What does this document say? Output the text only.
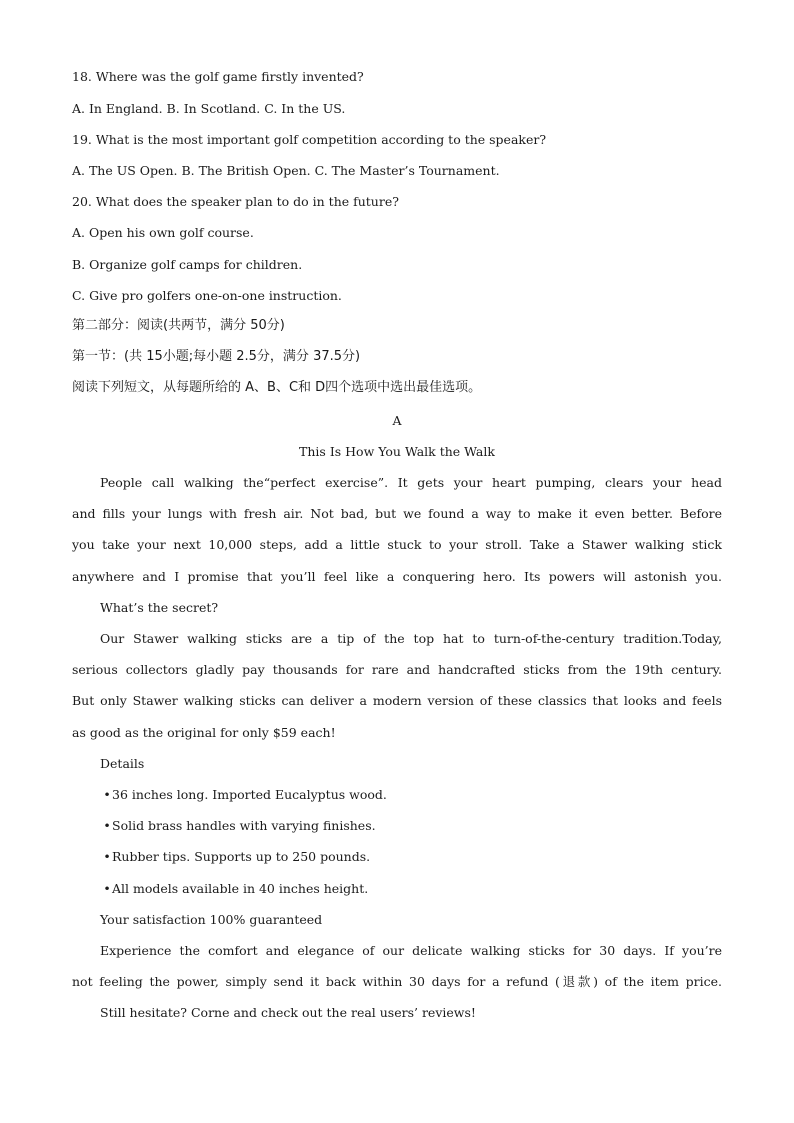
18. Where was the golf game firstly invented?
A. In England. B. In Scotland. C. In the US.
19. What is the most important golf competition according to the speaker?
A. The US Open. B. The British Open. C. The Master’s Tournament.
20. What does the speaker plan to do in the future?
A. Open his own golf course.
B. Organize golf camps for children.
C. Give pro golfers one-on-one instruction.
第二部分：阅读(共两节，满分 50分)
第一节：(共 15小题;每小题 2.5分，满分 37.5分)
阅读下列短文，从每题所给的 A、B、C和 D四个选项中选出最佳选项。
A
This Is How You Walk the Walk
People call walking the“perfect exercise”. It gets your heart pumping, clears your head
and fills your lungs with fresh air. Not bad, but we found a way to make it even better. Before
you take your next 10,000 steps, add a little stuck to your stroll. Take a Stawer walking stick
anywhere and I promise that you’ll feel like a conquering hero. Its powers will astonish you.
What’s the secret?
Our Stawer walking sticks are a tip of the top hat to turn-of-the-century tradition.Today,
serious collectors gladly pay thousands for rare and handcrafted sticks from the 19th century.
But only Stawer walking sticks can deliver a modern version of these classics that looks and feels
as good as the original for only $59 each!
Details
•36 inches long. Imported Eucalyptus wood.
•Solid brass handles with varying finishes.
•Rubber tips. Supports up to 250 pounds.
•All models available in 40 inches height.
Your satisfaction 100% guaranteed
Experience the comfort and elegance of our delicate walking sticks for 30 days. If you’re
not feeling the power, simply send it back within 30 days for a refund (退款) of the item price.
Still hesitate? Corne and check out the real users’ reviews!
